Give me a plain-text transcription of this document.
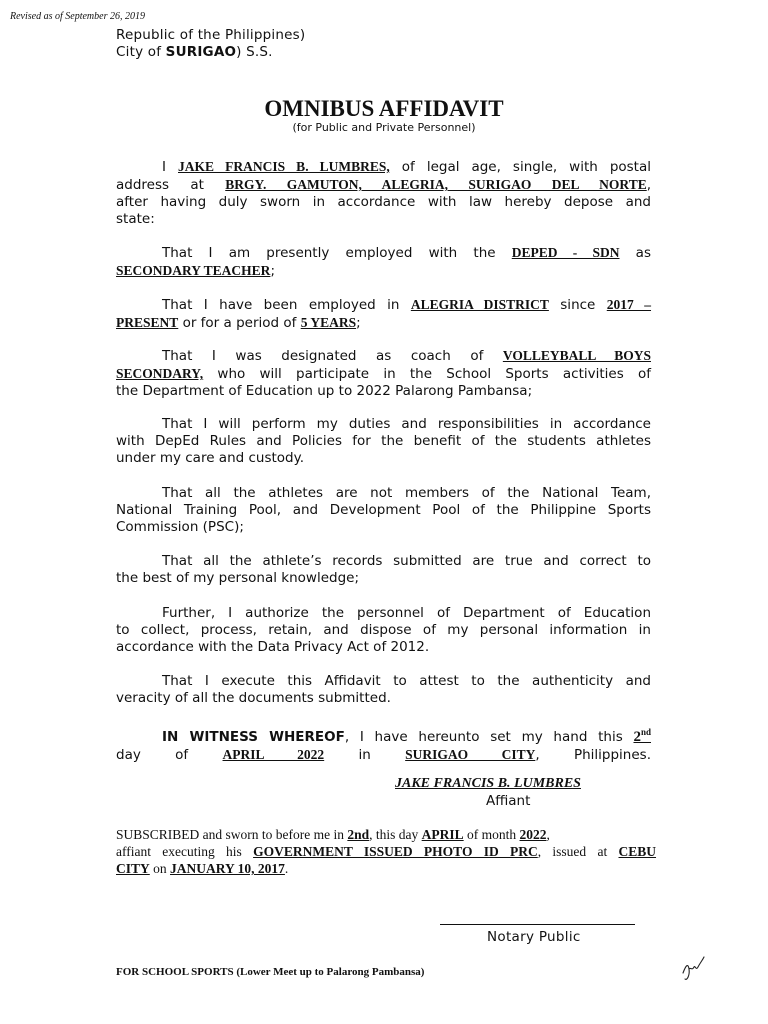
Revised as of September 26, 2019
Republic of the Philippines)
City of SURIGAO) S.S.
OMNIBUS AFFIDAVIT
(for Public and Private Personnel)
I JAKE FRANCIS B. LUMBRES, of legal age, single, with postal
address at BRGY. GAMUTON, ALEGRIA, SURIGAO DEL NORTE,
after having duly sworn in accordance with law hereby depose and
state:
That I am presently employed with the DEPED - SDN as
SECONDARY TEACHER;
That I have been employed in ALEGRIA DISTRICT since 2017 –
PRESENT or for a period of 5 YEARS;
That I was designated as coach of VOLLEYBALL BOYS
SECONDARY, who will participate in the School Sports activities of
the Department of Education up to 2022 Palarong Pambansa;
That I will perform my duties and responsibilities in accordance
with DepEd Rules and Policies for the benefit of the students athletes
under my care and custody.
That all the athletes are not members of the National Team,
National Training Pool, and Development Pool of the Philippine Sports
Commission (PSC);
That all the athlete’s records submitted are true and correct to
the best of my personal knowledge;
Further, I authorize the personnel of Department of Education
to collect, process, retain, and dispose of my personal information in
accordance with the Data Privacy Act of 2012.
That I execute this Affidavit to attest to the authenticity and
veracity of all the documents submitted.
IN WITNESS WHEREOF, I have hereunto set my hand this 2nd
day	of	APRIL 2022	in	SURIGAO CITY, Philippines.
JAKE FRANCIS B. LUMBRES
Affiant
SUBSCRIBED and sworn to before me in 2nd, this day APRIL of month 2022,
affiant executing his GOVERNMENT ISSUED PHOTO ID PRC, issued at CEBU
CITY on JANUARY 10, 2017.
Notary Public
FOR SCHOOL SPORTS (Lower Meet up to Palarong Pambansa)
